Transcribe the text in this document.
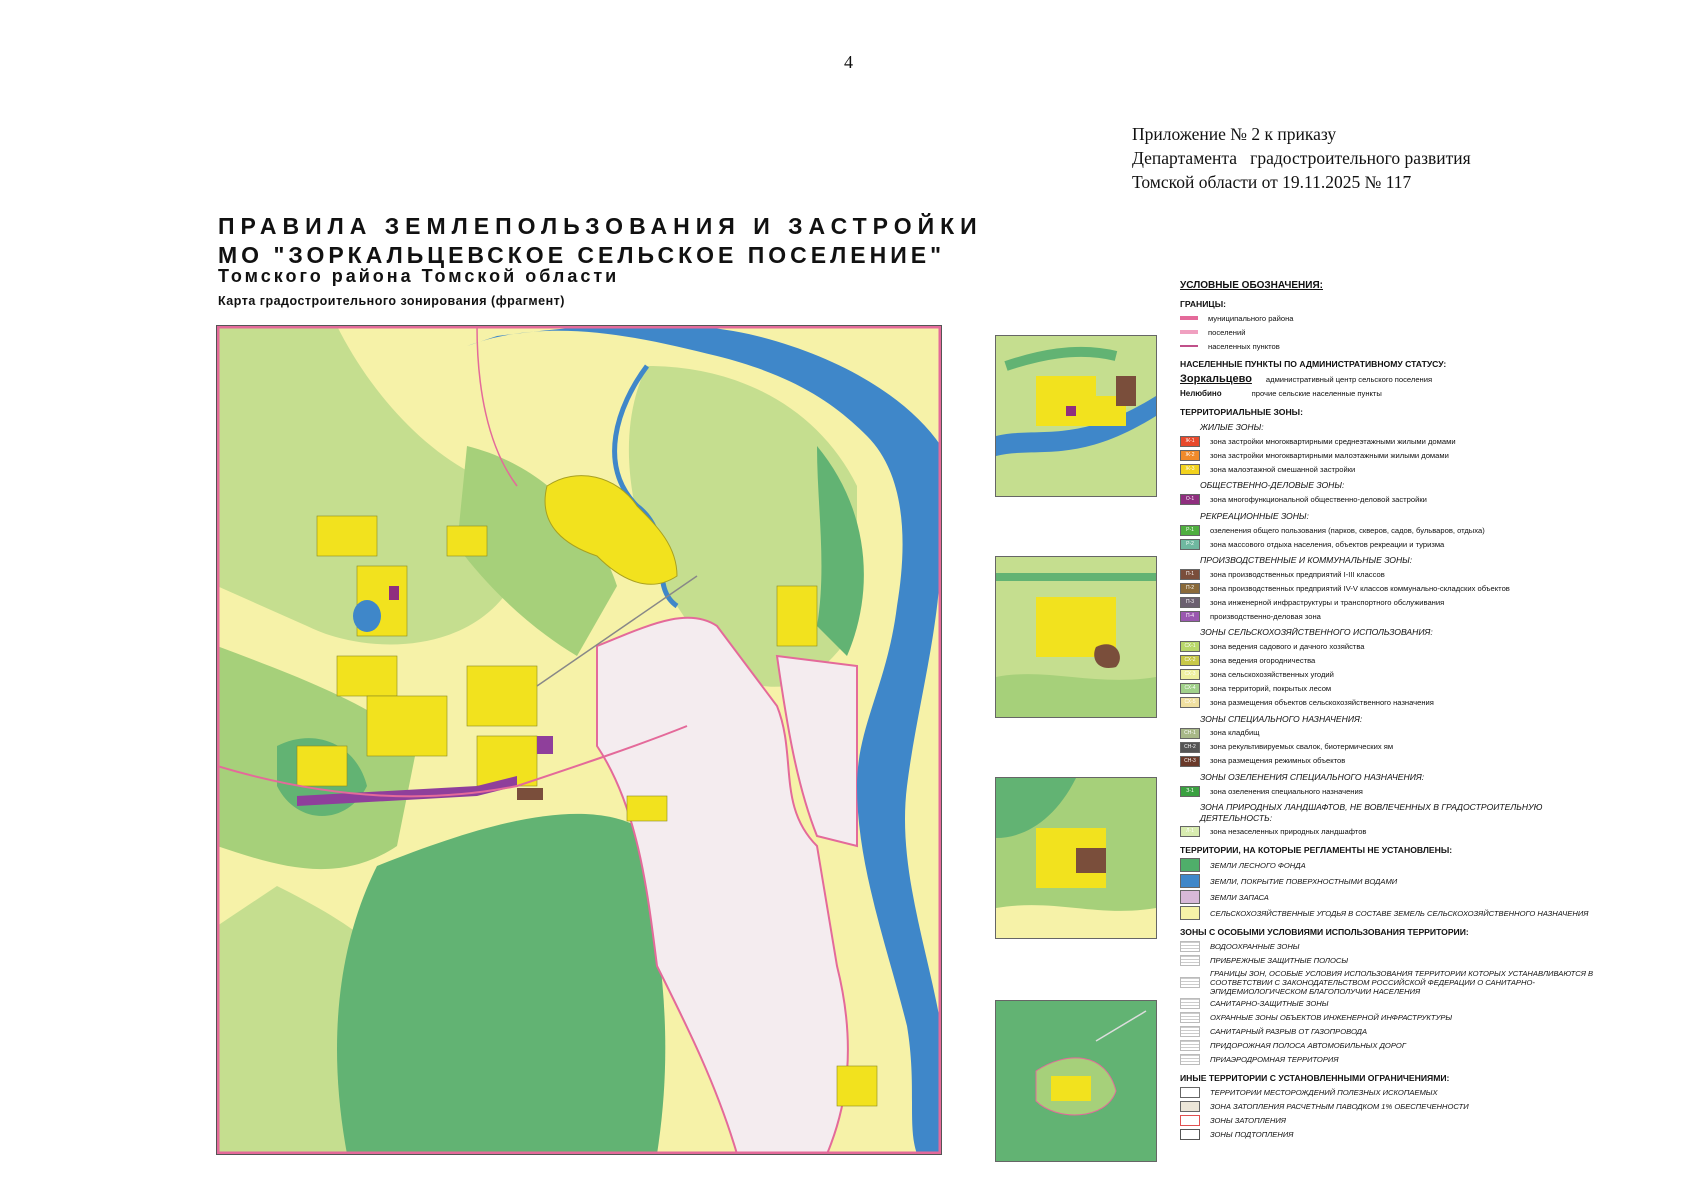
4
Приложение № 2 к приказу
Департамента   градостроительного развития
Томской области от 19.11.2025 № 117
ПРАВИЛА ЗЕМЛЕПОЛЬЗОВАНИЯ И ЗАСТРОЙКИ
МО "ЗОРКАЛЬЦЕВСКОЕ СЕЛЬСКОЕ ПОСЕЛЕНИЕ"
Томского района Томской области
Карта градостроительного зонирования (фрагмент)
УСЛОВНЫЕ ОБОЗНАЧЕНИЯ:
ГРАНИЦЫ:
муниципального района
поселений
населенных пунктов
НАСЕЛЕННЫЕ ПУНКТЫ ПО АДМИНИСТРАТИВНОМУ СТАТУСУ:
Зоркальцево административный центр сельского поселения
Нелюбино	прочие сельские населенные пункты
ТЕРРИТОРИАЛЬНЫЕ ЗОНЫ:
ЖИЛЫЕ ЗОНЫ:
Ж-1	зона застройки многоквартирными среднеэтажными жилыми домами
Ж-2	зона застройки многоквартирными малоэтажными жилыми домами
Ж-3	зона малоэтажной смешанной застройки
ОБЩЕСТВЕННО-ДЕЛОВЫЕ ЗОНЫ:
О-1	зона многофункциональной общественно-деловой застройки
РЕКРЕАЦИОННЫЕ ЗОНЫ:
Р-1	озеленения общего пользования (парков, скверов, садов, бульваров, отдыха)
Р-2	зона массового отдыха населения, объектов рекреации и туризма
ПРОИЗВОДСТВЕННЫЕ И КОММУНАЛЬНЫЕ ЗОНЫ:
П-1	зона производственных предприятий I-III классов
П-2	зона производственных предприятий IV-V классов коммунально-складских объектов
П-3	зона инженерной инфраструктуры и транспортного обслуживания
П-4	производственно-деловая зона
ЗОНЫ СЕЛЬСКОХОЗЯЙСТВЕННОГО ИСПОЛЬЗОВАНИЯ:
СХ-1	зона ведения садового и дачного хозяйства
СХ-2	зона ведения огородничества
СХ-3	зона сельскохозяйственных угодий
СХ-4	зона территорий, покрытых лесом
СХ-5	зона размещения объектов сельскохозяйственного назначения
ЗОНЫ СПЕЦИАЛЬНОГО НАЗНАЧЕНИЯ:
СН-1	зона кладбищ
СН-2	зона рекультивируемых свалок, биотермических ям
СН-3	зона размещения режимных объектов
ЗОНЫ ОЗЕЛЕНЕНИЯ СПЕЦИАЛЬНОГО НАЗНАЧЕНИЯ:
З-1	зона озеленения специального назначения
ЗОНА ПРИРОДНЫХ ЛАНДШАФТОВ, НЕ ВОВЛЕЧЕННЫХ В ГРАДОСТРОИТЕЛЬНУЮ ДЕЯТЕЛЬНОСТЬ:
Л-1	зона незаселенных природных ландшафтов
ТЕРРИТОРИИ, НА КОТОРЫЕ РЕГЛАМЕНТЫ НЕ УСТАНОВЛЕНЫ:
ЗЕМЛИ ЛЕСНОГО ФОНДА
ЗЕМЛИ, ПОКРЫТИЕ ПОВЕРХНОСТНЫМИ ВОДАМИ
ЗЕМЛИ ЗАПАСА
СЕЛЬСКОХОЗЯЙСТВЕННЫЕ УГОДЬЯ В СОСТАВЕ ЗЕМЕЛЬ СЕЛЬСКОХОЗЯЙСТВЕННОГО НАЗНАЧЕНИЯ
ЗОНЫ С ОСОБЫМИ УСЛОВИЯМИ ИСПОЛЬЗОВАНИЯ ТЕРРИТОРИИ:
ВОДООХРАННЫЕ ЗОНЫ
ПРИБРЕЖНЫЕ ЗАЩИТНЫЕ ПОЛОСЫ
ГРАНИЦЫ ЗОН, ОСОБЫЕ УСЛОВИЯ ИСПОЛЬЗОВАНИЯ ТЕРРИТОРИИ КОТОРЫХ УСТАНАВЛИВАЮТСЯ В СООТВЕТСТВИИ С ЗАКОНОДАТЕЛЬСТВОМ РОССИЙСКОЙ ФЕДЕРАЦИИ О САНИТАРНО-ЭПИДЕМИОЛОГИЧЕСКОМ БЛАГОПОЛУЧИИ НАСЕЛЕНИЯ
САНИТАРНО-ЗАЩИТНЫЕ ЗОНЫ
ОХРАННЫЕ ЗОНЫ ОБЪЕКТОВ ИНЖЕНЕРНОЙ ИНФРАСТРУКТУРЫ
САНИТАРНЫЙ РАЗРЫВ ОТ ГАЗОПРОВОДА
ПРИДОРОЖНАЯ ПОЛОСА АВТОМОБИЛЬНЫХ ДОРОГ
ПРИАЭРОДРОМНАЯ ТЕРРИТОРИЯ
ИНЫЕ ТЕРРИТОРИИ С УСТАНОВЛЕННЫМИ ОГРАНИЧЕНИЯМИ:
ТЕРРИТОРИИ МЕСТОРОЖДЕНИЙ ПОЛЕЗНЫХ ИСКОПАЕМЫХ
ЗОНА ЗАТОПЛЕНИЯ РАСЧЕТНЫМ ПАВОДКОМ 1% ОБЕСПЕЧЕННОСТИ
ЗОНЫ ЗАТОПЛЕНИЯ
ЗОНЫ ПОДТОПЛЕНИЯ
